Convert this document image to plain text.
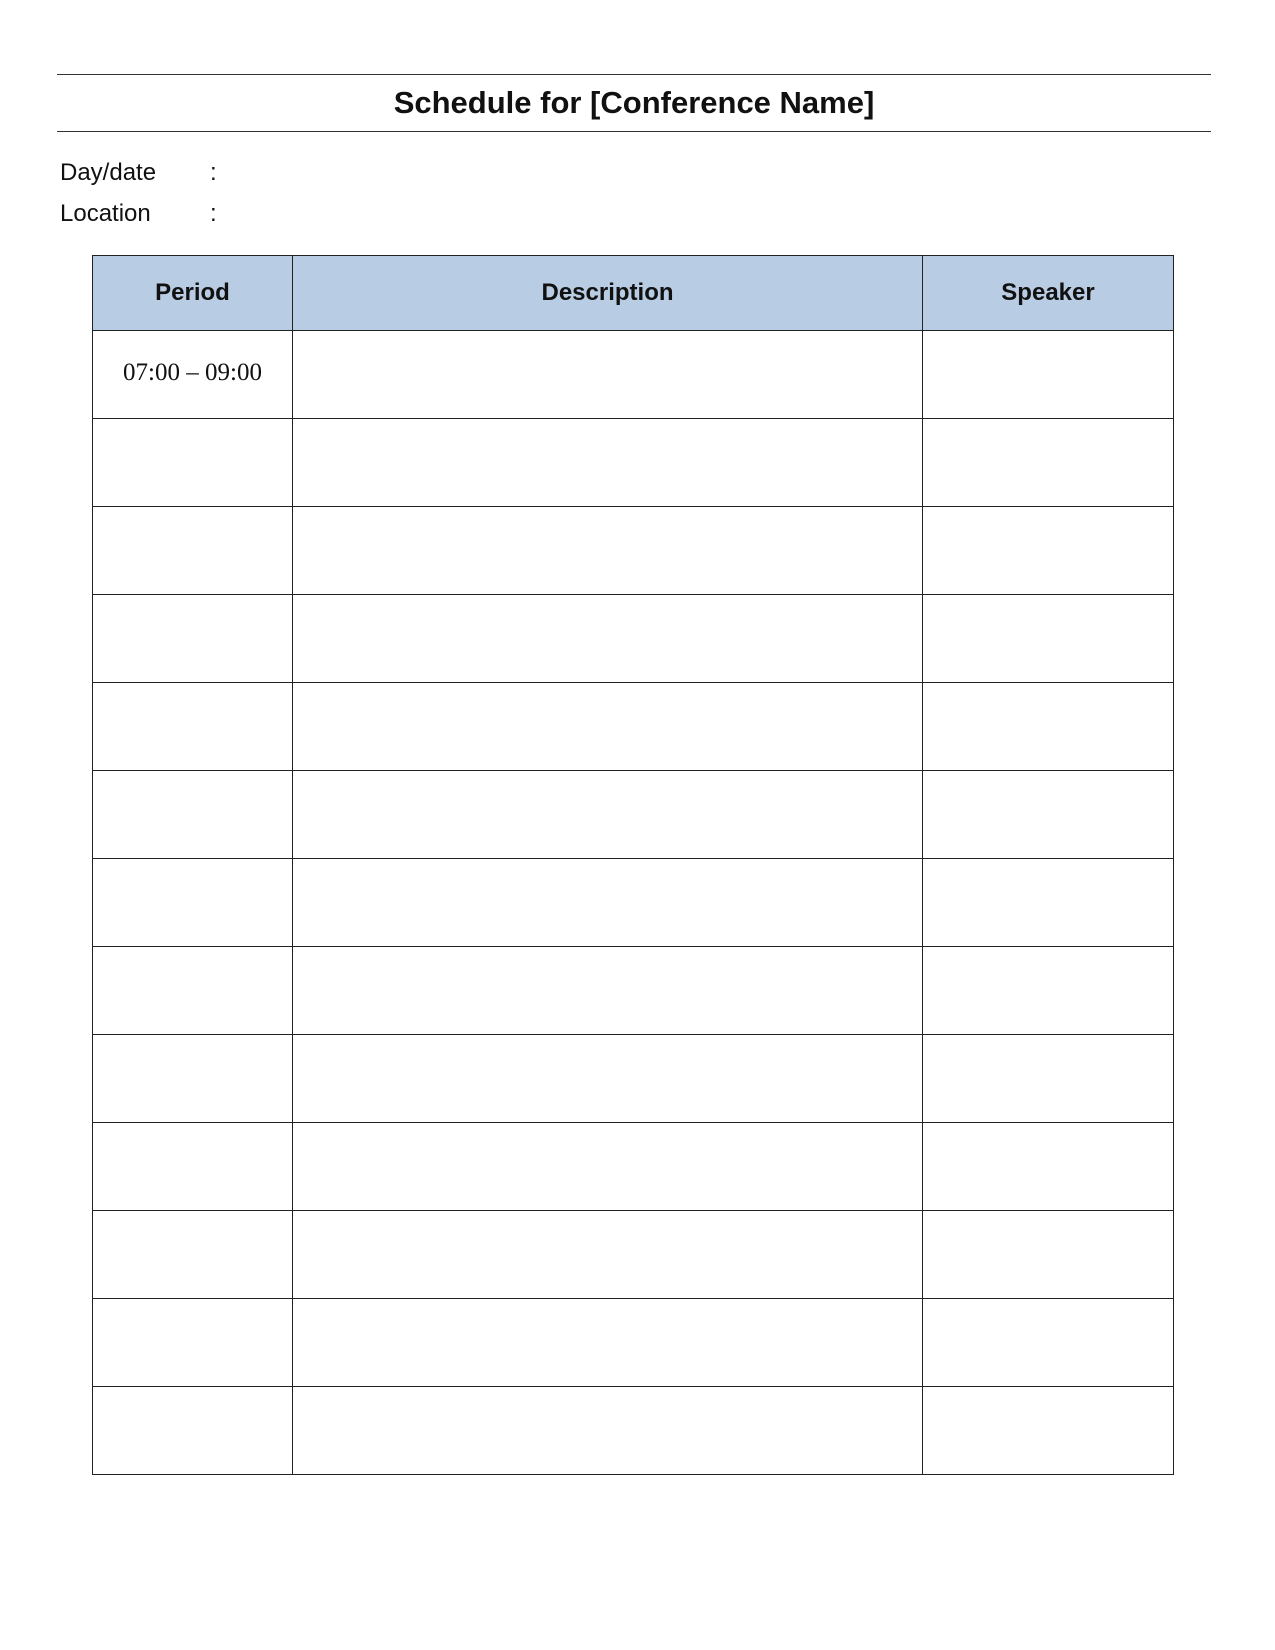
Schedule for [Conference Name]
Day/date :
Location :
Period	Description	Speaker
07:00 – 09:00		
